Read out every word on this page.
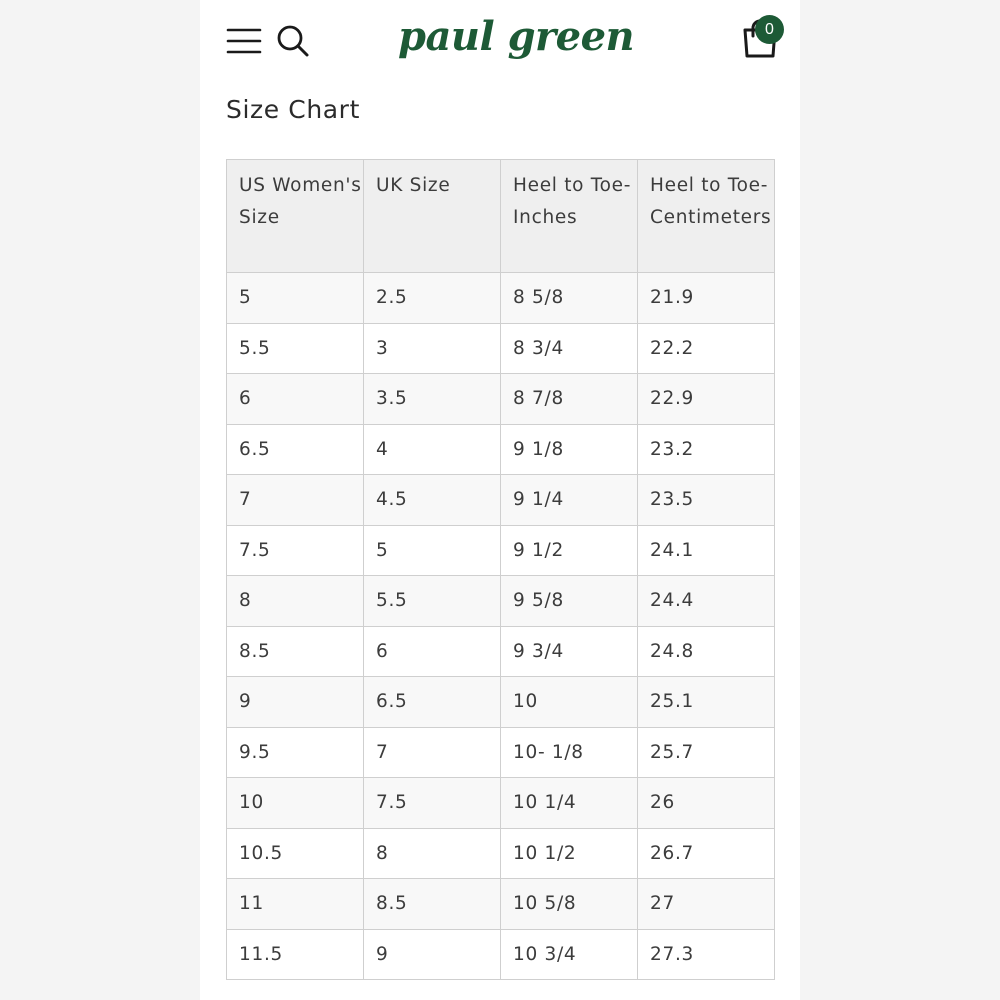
paul green	0
Size Chart
US Women's Size	UK Size	Heel to Toe- Inches	Heel to Toe- Centimeters
5	2.5	8 5/8	21.9
5.5	3	8 3/4	22.2
6	3.5	8 7/8	22.9
6.5	4	9 1/8	23.2
7	4.5	9 1/4	23.5
7.5	5	9 1/2	24.1
8	5.5	9 5/8	24.4
8.5	6	9 3/4	24.8
9	6.5	10	25.1
9.5	7	10- 1/8	25.7
10	7.5	10 1/4	26
10.5	8	10 1/2	26.7
11	8.5	10 5/8	27
11.5	9	10 3/4	27.3
